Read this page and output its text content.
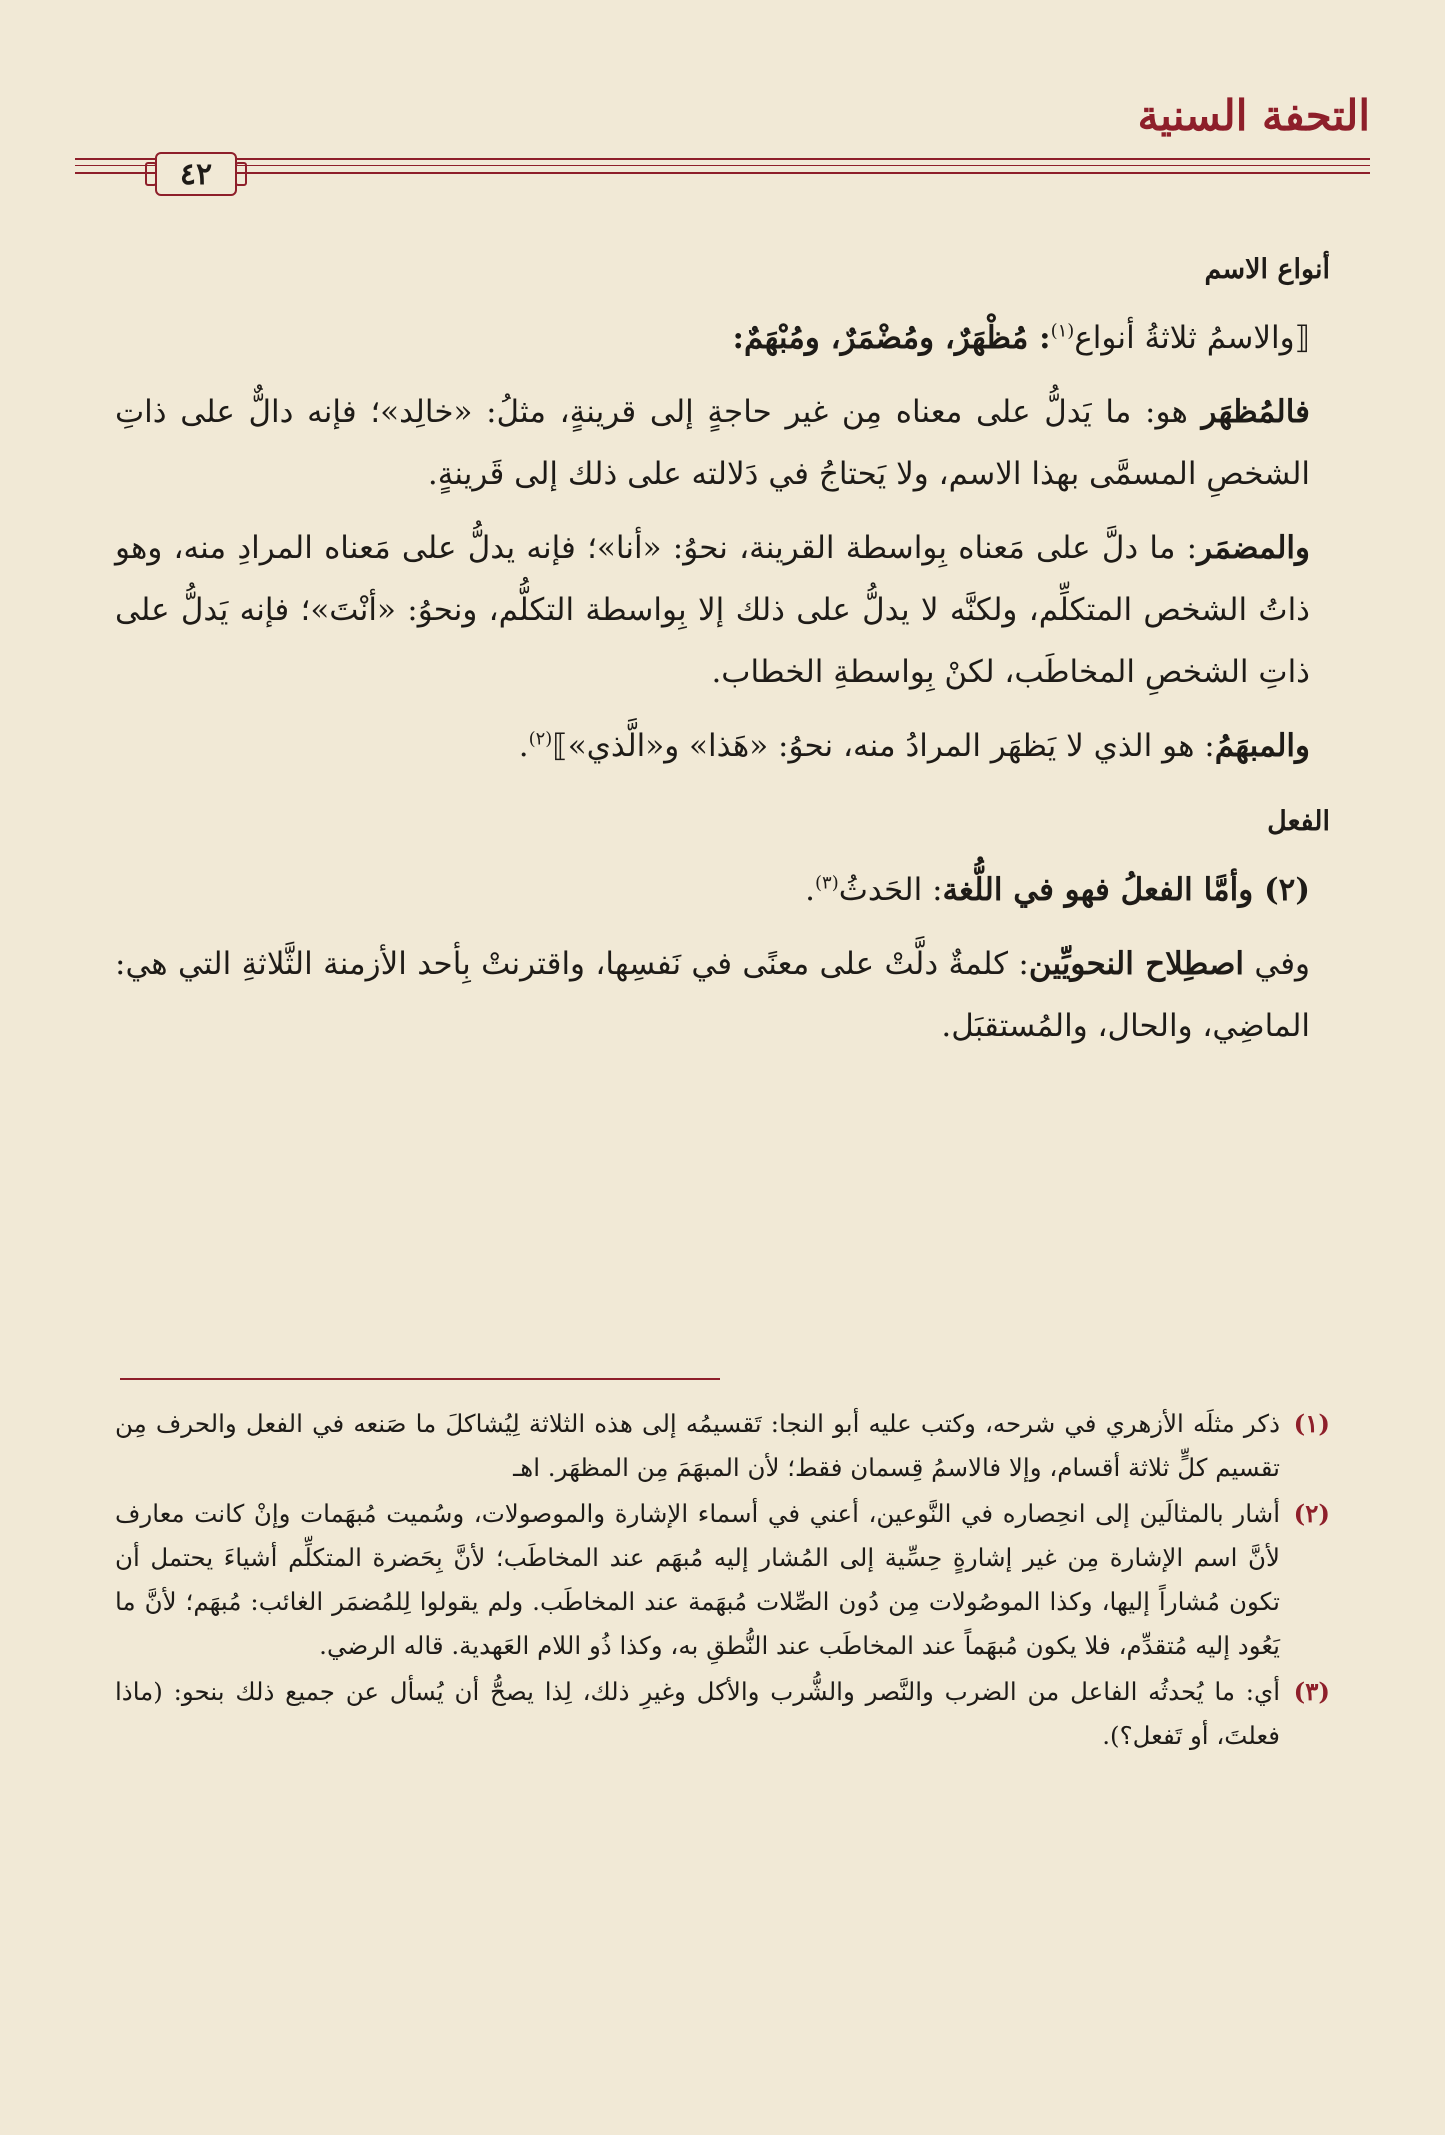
التحفة السنية
٤٢
أنواع الاسم
⟦والاسمُ ثلاثةُ أنواع$^{(١)}$: مُظْهَرٌ، ومُضْمَرٌ، ومُبْهَمٌ:
فالمُظهَر هو: ما يَدلُّ على معناه مِن غير حاجةٍ إلى قرينةٍ، مثلُ: «خالِد»؛ فإنه دالٌّ على ذاتِ الشخصِ المسمَّى بهذا الاسم، ولا يَحتاجُ في دَلالته على ذلك إلى قَرينةٍ.
والمضمَر: ما دلَّ على مَعناه بِواسطة القرينة، نحوُ: «أنا»؛ فإنه يدلُّ على مَعناه المرادِ منه، وهو ذاتُ الشخص المتكلِّم، ولكنَّه لا يدلُّ على ذلك إلا بِواسطة التكلُّم، ونحوُ: «أنْتَ»؛ فإنه يَدلُّ على ذاتِ الشخصِ المخاطَب، لكنْ بِواسطةِ الخطاب.
والمبهَمُ: هو الذي لا يَظهَر المرادُ منه، نحوُ: «هَذا» و«الَّذي»⟧$^{(٢)}$.
الفعل
(٢) وأمَّا الفعلُ فهو في اللُّغة: الحَدثُ$^{(٣)}$.
وفي اصطِلاح النحويِّين: كلمةٌ دلَّتْ على معنًى في نَفسِها، واقترنتْ بِأحد الأزمنة الثَّلاثةِ التي هي: الماضِي، والحال، والمُستقبَل.
(١)
ذكر مثلَه الأزهري في شرحه، وكتب عليه أبو النجا: تَقسيمُه إلى هذه الثلاثة لِيُشاكلَ ما صَنعه في الفعل والحرف مِن تقسيم كلٍّ ثلاثة أقسام، وإلا فالاسمُ قِسمان فقط؛ لأن المبهَمَ مِن المظهَر. اهـ
(٢)
أشار بالمثالَين إلى انحِصاره في النَّوعين، أعني في أسماء الإشارة والموصولات، وسُميت مُبهَمات وإنْ كانت معارف لأنَّ اسم الإشارة مِن غير إشارةٍ حِسِّية إلى المُشار إليه مُبهَم عند المخاطَب؛ لأنَّ بِحَضرة المتكلِّم أشياءَ يحتمل أن تكون مُشاراً إليها، وكذا الموصُولات مِن دُون الصِّلات مُبهَمة عند المخاطَب. ولم يقولوا لِلمُضمَر الغائب: مُبهَم؛ لأنَّ ما يَعُود إليه مُتقدِّم، فلا يكون مُبهَماً عند المخاطَب عند النُّطقِ به، وكذا ذُو اللام العَهدية. قاله الرضي.
(٣)
أي: ما يُحدثُه الفاعل من الضرب والنَّصر والشُّرب والأكل وغيرِ ذلك، لِذا يصحُّ أن يُسأل عن جميع ذلك بنحو: (ماذا فعلتَ، أو تَفعل؟).
